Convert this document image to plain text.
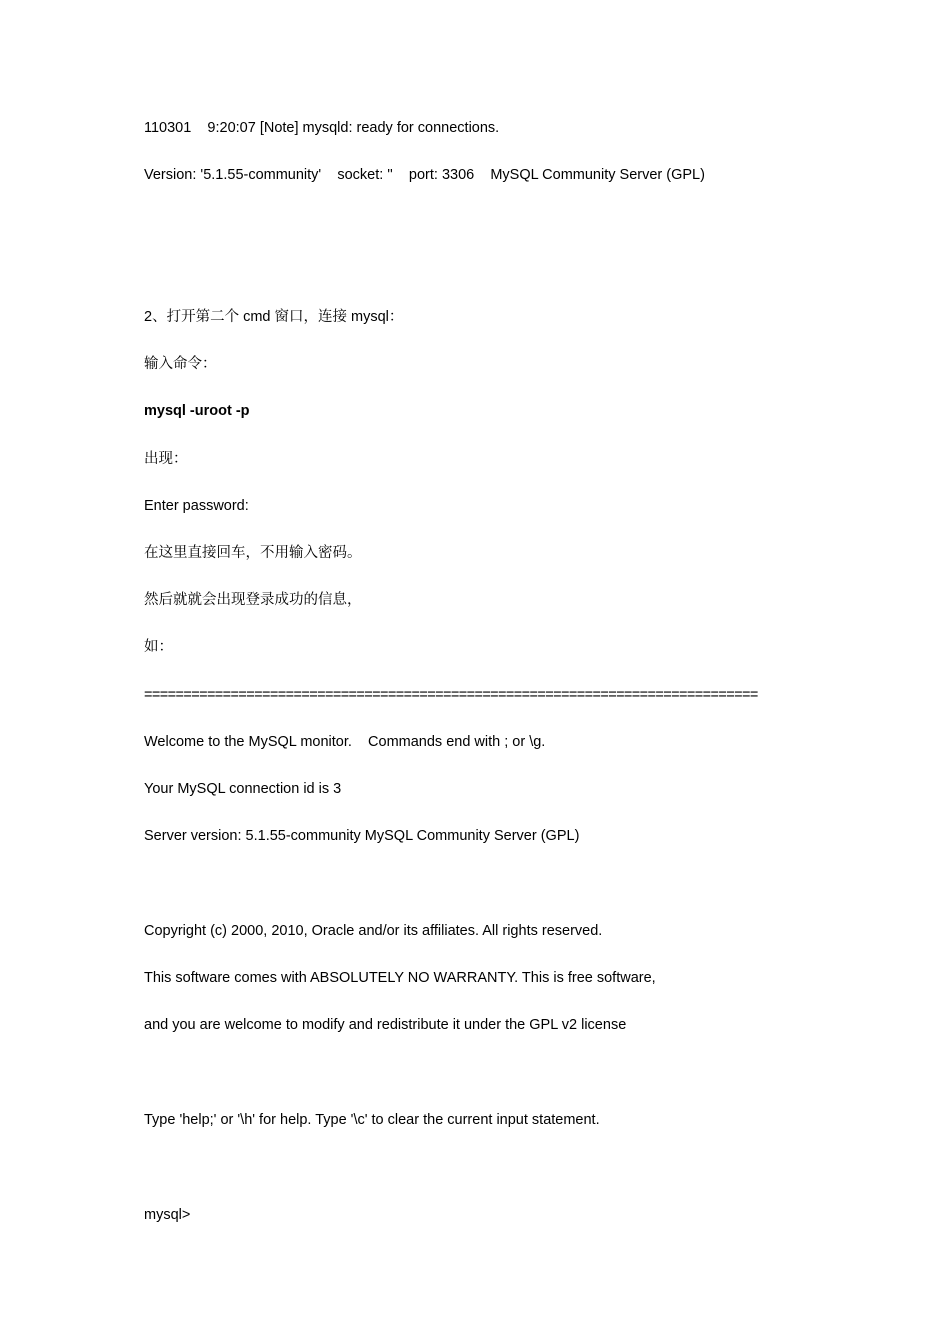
110301    9:20:07 [Note] mysqld: ready for connections.
Version: '5.1.55-community'    socket: ''    port: 3306    MySQL Community Server (GPL)
2、打开第二个 cmd 窗口，连接 mysql：
输入命令：
mysql -uroot -p
出现：
Enter password:
在这里直接回车，不用输入密码。
然后就就会出现登录成功的信息，
如：
==============================================================================
Welcome to the MySQL monitor.    Commands end with ; or \g.
Your MySQL connection id is 3
Server version: 5.1.55-community MySQL Community Server (GPL)
Copyright (c) 2000, 2010, Oracle and/or its affiliates. All rights reserved.
This software comes with ABSOLUTELY NO WARRANTY. This is free software,
and you are welcome to modify and redistribute it under the GPL v2 license
Type 'help;' or '\h' for help. Type '\c' to clear the current input statement.
mysql>
